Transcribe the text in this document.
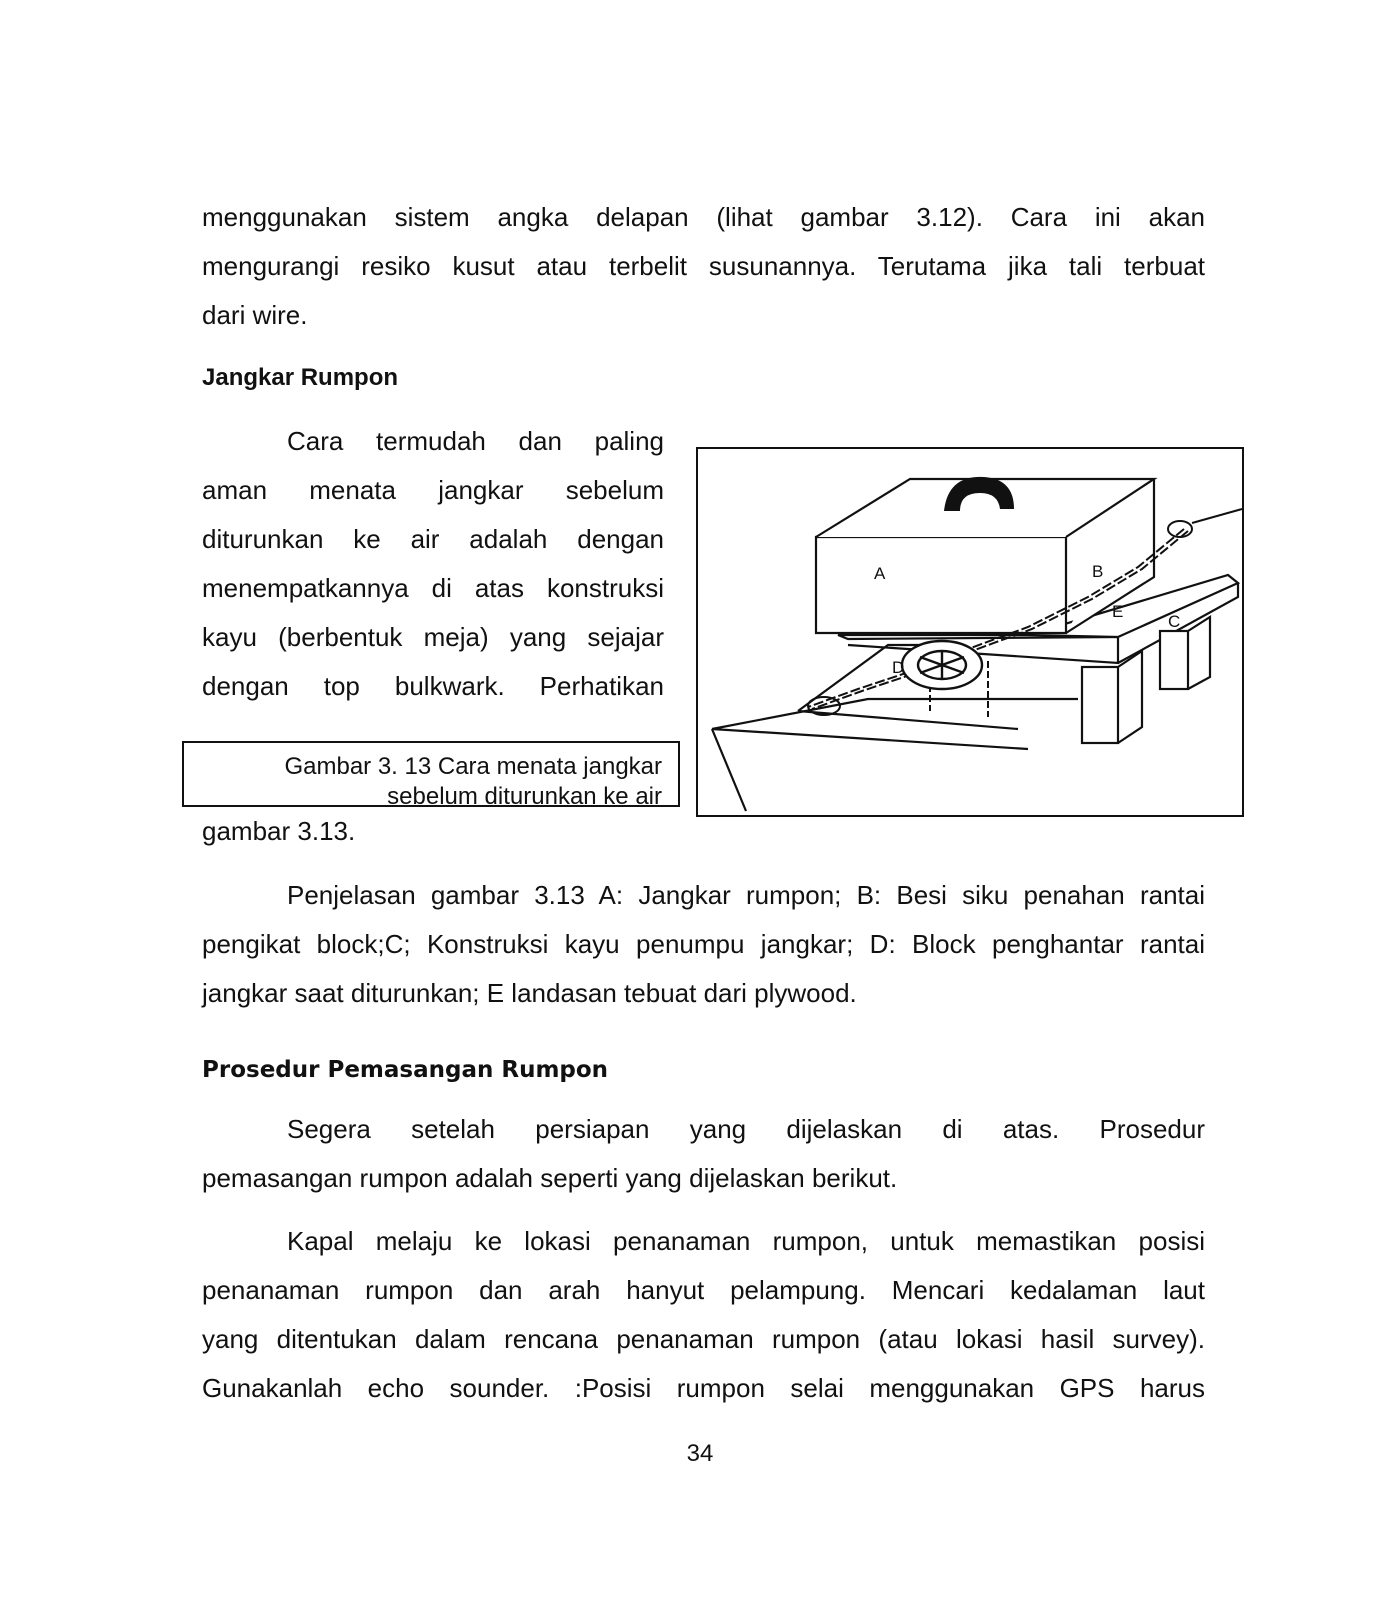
menggunakan sistem angka delapan (lihat gambar 3.12). Cara ini akan
mengurangi resiko kusut atau terbelit susunannya. Terutama jika tali terbuat
dari wire.
Jangkar Rumpon
Cara termudah dan paling
aman menata jangkar sebelum
diturunkan ke air adalah dengan
menempatkannya di atas konstruksi
kayu (berbentuk meja) yang sejajar
dengan top bulkwark. Perhatikan
Gambar 3. 13 Cara menata jangkar
sebelum diturunkan ke air
gambar 3.13.
A	B
C
D
E
Penjelasan gambar 3.13 A: Jangkar rumpon; B: Besi siku penahan rantai
pengikat block;C; Konstruksi kayu penumpu jangkar; D: Block penghantar rantai
jangkar saat diturunkan; E landasan tebuat dari plywood.
Prosedur Pemasangan Rumpon
Segera setelah persiapan yang dijelaskan di atas. Prosedur
pemasangan rumpon adalah seperti yang dijelaskan berikut.
Kapal melaju ke lokasi penanaman rumpon, untuk memastikan posisi
penanaman rumpon dan arah hanyut pelampung. Mencari kedalaman laut
yang ditentukan dalam rencana penanaman rumpon (atau lokasi hasil survey).
Gunakanlah echo sounder. :Posisi rumpon selai menggunakan GPS harus
34
